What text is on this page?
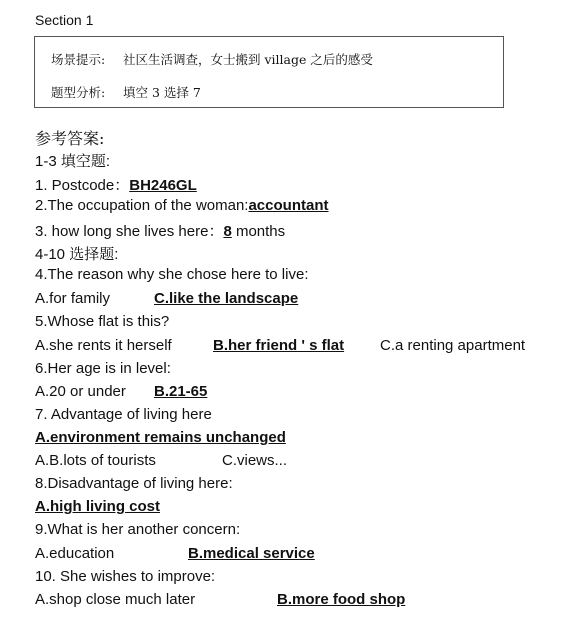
Section 1
场景提示: 社区生活调查，女士搬到 village 之后的感受
题型分析: 填空 3 选择 7
参考答案:
1-3 填空题:
1. Postcode：BH246GL
2.The occupation of the woman:accountant
3. how long she lives here：8 months
4-10 选择题:
4.The reason why she chose here to live:
A.for family	C.like the landscape
5.Whose flat is this?
A.she rents it herself	B.her friend ' s flat C.a renting apartment
6.Her age is in level:
A.20 or under B.21-65
7. Advantage of living here
A.environment remains unchanged
A.B.lots of tourists	C.views...
8.Disadvantage of living here:
A.high living cost
9.What is her another concern:
A.education	B.medical service
10. She wishes to improve:
A.shop close much later	B.more food shop
